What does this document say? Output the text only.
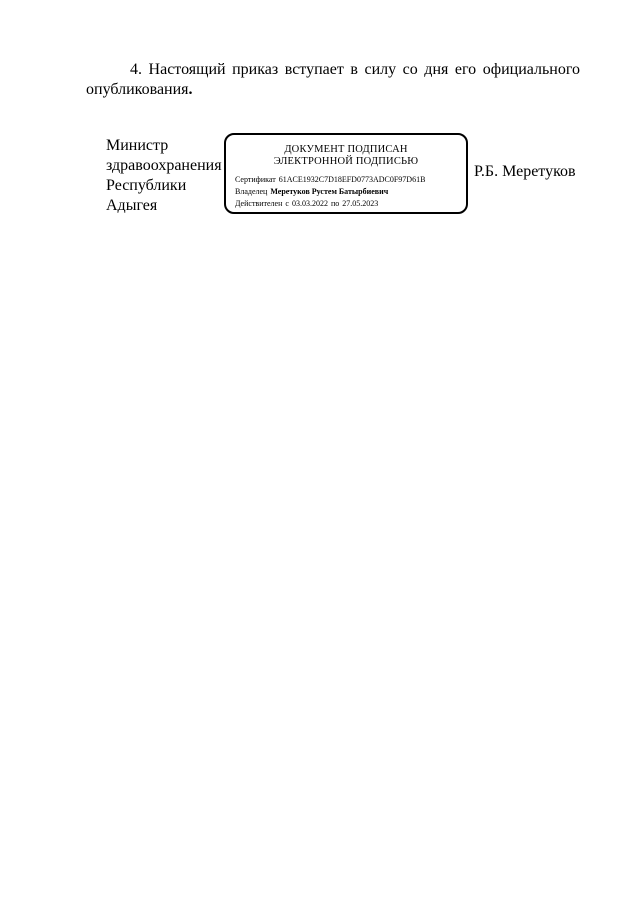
4. Настоящий приказ вступает в силу со дня его официального опубликования.
Министр
здравоохранения
Республики
Адыгея
ДОКУМЕНТ ПОДПИСАН
ЭЛЕКТРОННОЙ ПОДПИСЬЮ
Сертификат 61ACE1932C7D18EFD0773ADC0F97D61B
Владелец Меретуков Рустем Батырбиевич
Действителен с 03.03.2022 по 27.05.2023
Р.Б. Меретуков
